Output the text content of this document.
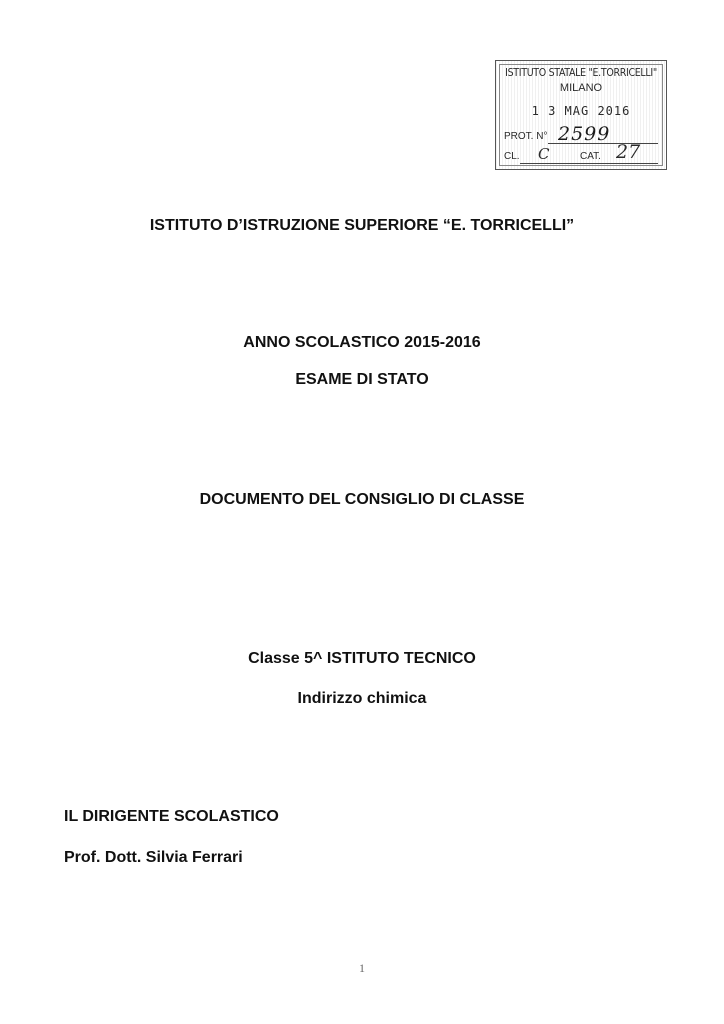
ISTITUTO STATALE "E.TORRICELLI"
MILANO
1 3 MAG 2016
PROT. N° 2599
CL. C	CAT. 27
ISTITUTO D’ISTRUZIONE SUPERIORE “E. TORRICELLI”
ANNO SCOLASTICO 2015-2016
ESAME DI STATO
DOCUMENTO DEL CONSIGLIO DI CLASSE
Classe 5^ ISTITUTO TECNICO
Indirizzo chimica
IL DIRIGENTE SCOLASTICO
Prof. Dott. Silvia Ferrari
1
